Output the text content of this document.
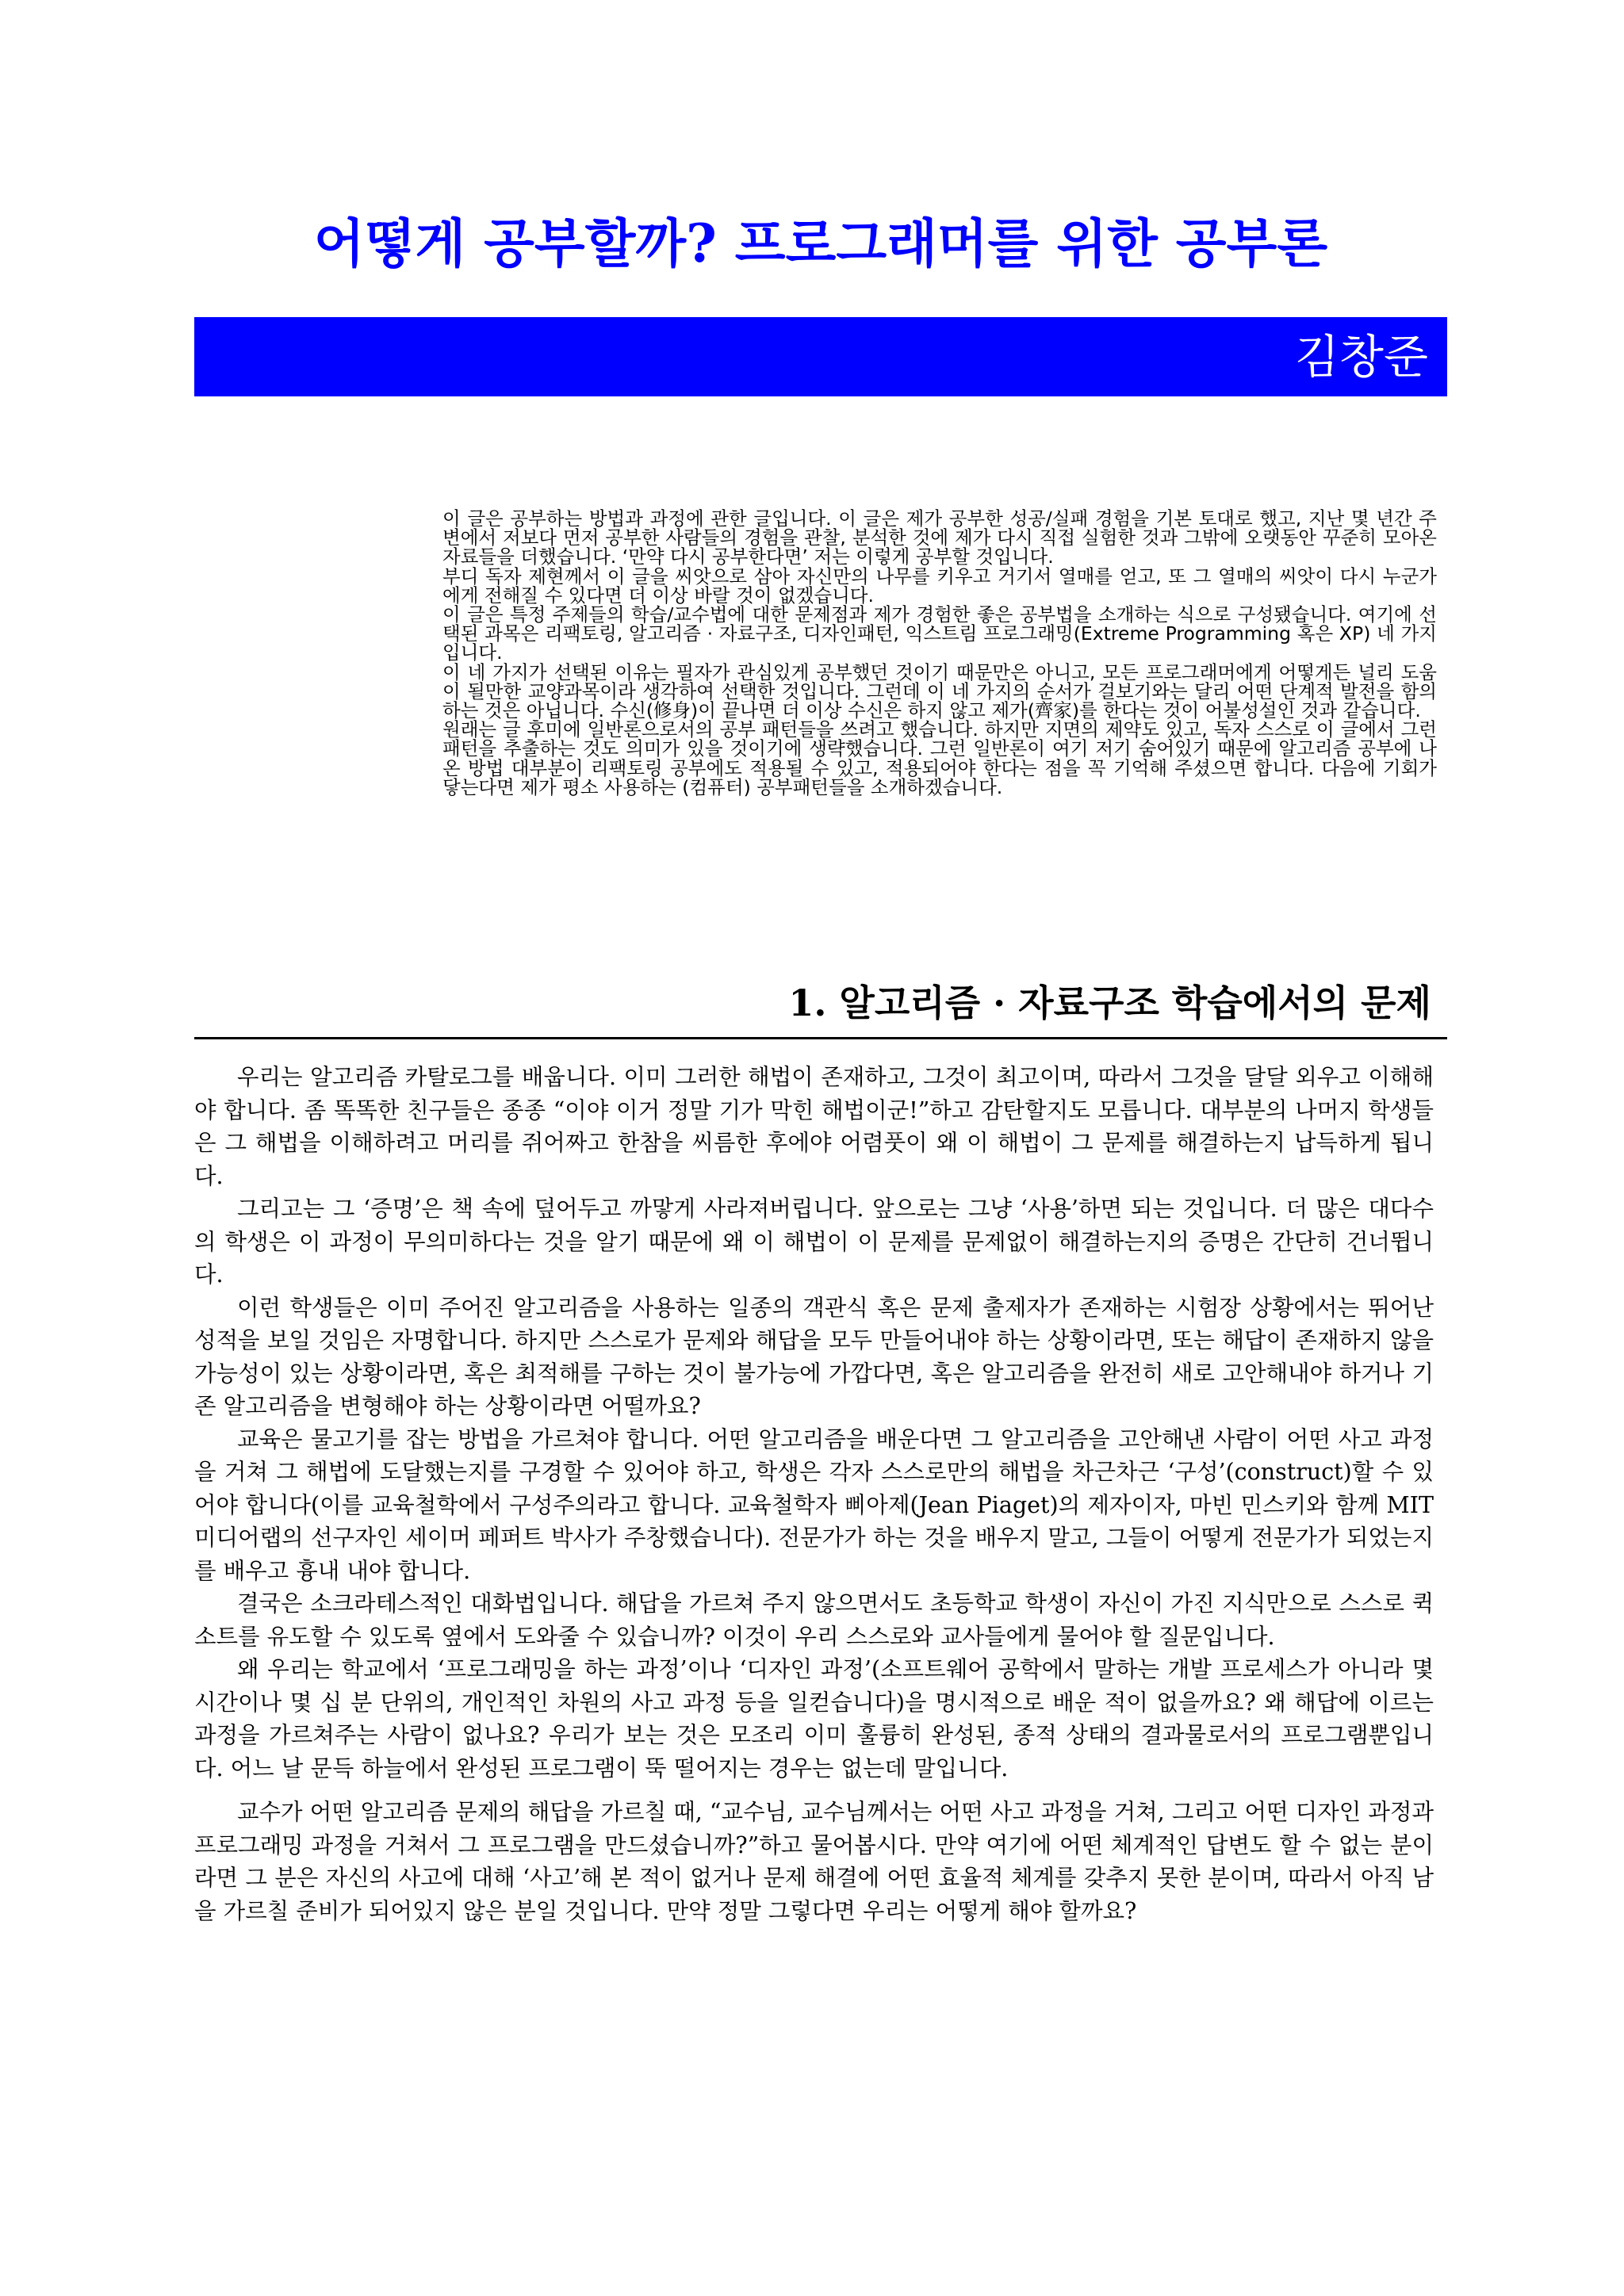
어떻게 공부할까? 프로그래머를 위한 공부론
김창준

이 글은 공부하는 방법과 과정에 관한 글입니다. 이 글은 제가 공부한 성공/실패 경험을 기본 토대로 했고, 지난 몇 년간 주변에서 저보다 먼저 공부한 사람들의 경험을 관찰, 분석한 것에 제가 다시 직접 실험한 것과 그밖에 오랫동안 꾸준히 모아온 자료들을 더했습니다. ‘만약 다시 공부한다면’ 저는 이렇게 공부할 것입니다.

부디 독자 제현께서 이 글을 씨앗으로 삼아 자신만의 나무를 키우고 거기서 열매를 얻고, 또 그 열매의 씨앗이 다시 누군가에게 전해질 수 있다면 더 이상 바랄 것이 없겠습니다.

이 글은 특정 주제들의 학습/교수법에 대한 문제점과 제가 경험한 좋은 공부법을 소개하는 식으로 구성됐습니다. 여기에 선택된 과목은 리팩토링, 알고리즘 · 자료구조, 디자인패턴, 익스트림 프로그래밍(Extreme Programming 혹은 XP) 네 가지입니다.

이 네 가지가 선택된 이유는 필자가 관심있게 공부했던 것이기 때문만은 아니고, 모든 프로그래머에게 어떻게든 널리 도움이 될만한 교양과목이라 생각하여 선택한 것입니다. 그런데 이 네 가지의 순서가 걸보기와는 달리 어떤 단계적 발전을 함의하는 것은 아닙니다. 수신(修身)이 끝나면 더 이상 수신은 하지 않고 제가(齊家)를 한다는 것이 어불성설인 것과 같습니다.

원래는 글 후미에 일반론으로서의 공부 패턴들을 쓰려고 했습니다. 하지만 지면의 제약도 있고, 독자 스스로 이 글에서 그런 패턴을 추출하는 것도 의미가 있을 것이기에 생략했습니다. 그런 일반론이 여기 저기 숨어있기 때문에 알고리즘 공부에 나온 방법 대부분이 리팩토링 공부에도 적용될 수 있고, 적용되어야 한다는 점을 꼭 기억해 주셨으면 합니다. 다음에 기회가 닿는다면 제가 평소 사용하는 (컴퓨터) 공부패턴들을 소개하겠습니다.

1. 알고리즘 · 자료구조 학습에서의 문제

우리는 알고리즘 카탈로그를 배웁니다. 이미 그러한 해법이 존재하고, 그것이 최고이며, 따라서 그것을 달달 외우고 이해해야 합니다. 좀 똑똑한 친구들은 종종 “이야 이거 정말 기가 막힌 해법이군!”하고 감탄할지도 모릅니다. 대부분의 나머지 학생들은 그 해법을 이해하려고 머리를 쥐어짜고 한참을 씨름한 후에야 어렴풋이 왜 이 해법이 그 문제를 해결하는지 납득하게 됩니다.

그리고는 그 ‘증명’은 책 속에 덮어두고 까맣게 사라져버립니다. 앞으로는 그냥 ‘사용’하면 되는 것입니다. 더 많은 대다수의 학생은 이 과정이 무의미하다는 것을 알기 때문에 왜 이 해법이 이 문제를 문제없이 해결하는지의 증명은 간단히 건너뜁니다.

이런 학생들은 이미 주어진 알고리즘을 사용하는 일종의 객관식 혹은 문제 출제자가 존재하는 시험장 상황에서는 뛰어난 성적을 보일 것임은 자명합니다. 하지만 스스로가 문제와 해답을 모두 만들어내야 하는 상황이라면, 또는 해답이 존재하지 않을 가능성이 있는 상황이라면, 혹은 최적해를 구하는 것이 불가능에 가깝다면, 혹은 알고리즘을 완전히 새로 고안해내야 하거나 기존 알고리즘을 변형해야 하는 상황이라면 어떨까요?

교육은 물고기를 잡는 방법을 가르쳐야 합니다. 어떤 알고리즘을 배운다면 그 알고리즘을 고안해낸 사람이 어떤 사고 과정을 거쳐 그 해법에 도달했는지를 구경할 수 있어야 하고, 학생은 각자 스스로만의 해법을 차근차근 ‘구성’(construct)할 수 있어야 합니다(이를 교육철학에서 구성주의라고 합니다. 교육철학자 삐아제(Jean Piaget)의 제자이자, 마빈 민스키와 함께 MIT 미디어랩의 선구자인 세이머 페퍼트 박사가 주창했습니다). 전문가가 하는 것을 배우지 말고, 그들이 어떻게 전문가가 되었는지를 배우고 흉내 내야 합니다.

결국은 소크라테스적인 대화법입니다. 해답을 가르쳐 주지 않으면서도 초등학교 학생이 자신이 가진 지식만으로 스스로 퀵소트를 유도할 수 있도록 옆에서 도와줄 수 있습니까? 이것이 우리 스스로와 교사들에게 물어야 할 질문입니다.

왜 우리는 학교에서 ‘프로그래밍을 하는 과정’이나 ‘디자인 과정’(소프트웨어 공학에서 말하는 개발 프로세스가 아니라 몇 시간이나 몇 십 분 단위의, 개인적인 차원의 사고 과정 등을 일컫습니다)을 명시적으로 배운 적이 없을까요? 왜 해답에 이르는 과정을 가르쳐주는 사람이 없나요? 우리가 보는 것은 모조리 이미 훌륭히 완성된, 종적 상태의 결과물로서의 프로그램뿐입니다. 어느 날 문득 하늘에서 완성된 프로그램이 뚝 떨어지는 경우는 없는데 말입니다.

교수가 어떤 알고리즘 문제의 해답을 가르칠 때, “교수님, 교수님께서는 어떤 사고 과정을 거쳐, 그리고 어떤 디자인 과정과 프로그래밍 과정을 거쳐서 그 프로그램을 만드셨습니까?”하고 물어봅시다. 만약 여기에 어떤 체계적인 답변도 할 수 없는 분이라면 그 분은 자신의 사고에 대해 ‘사고’해 본 적이 없거나 문제 해결에 어떤 효율적 체계를 갖추지 못한 분이며, 따라서 아직 남을 가르칠 준비가 되어있지 않은 분일 것입니다. 만약 정말 그렇다면 우리는 어떻게 해야 할까요?
